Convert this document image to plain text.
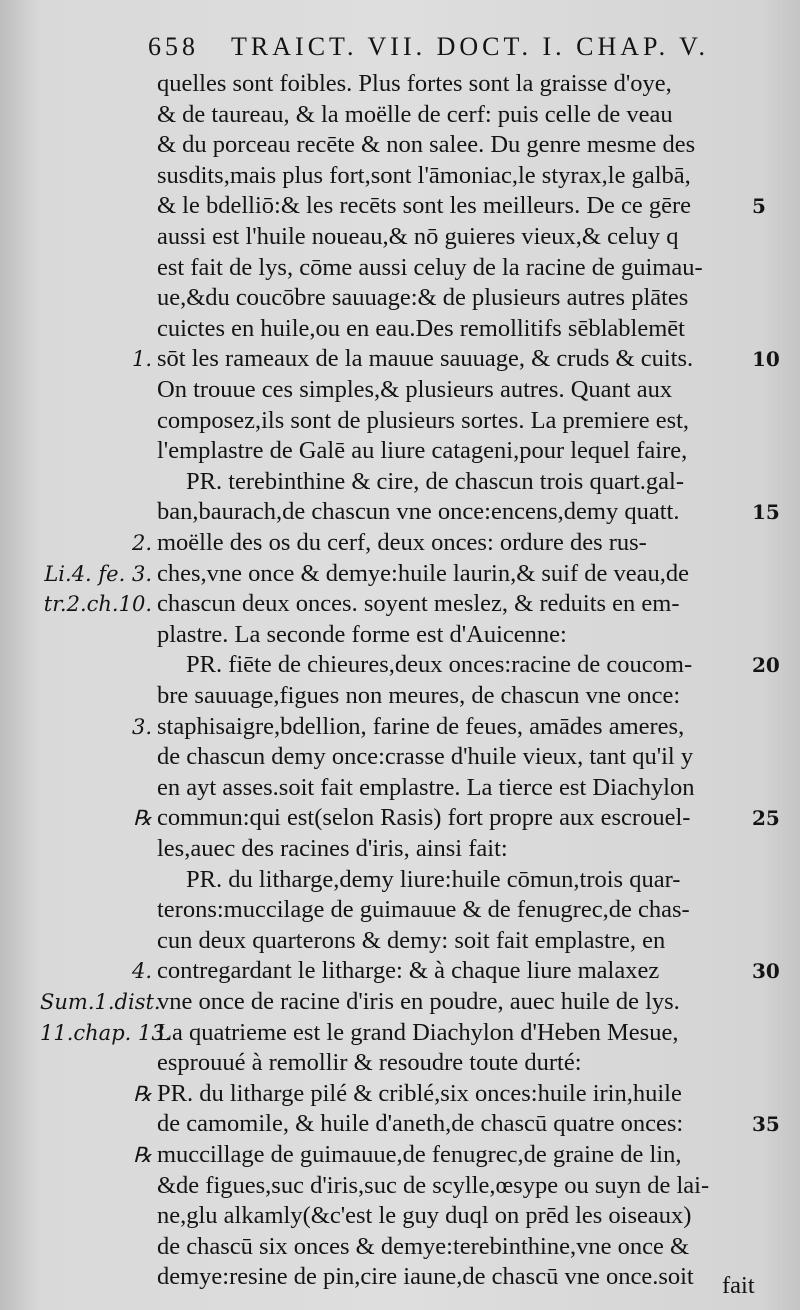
658 TRAICT. VII. DOCT. I. CHAP. V.
quelles sont foibles. Plus fortes sont la graisse d'oye,
& de taureau, & la moëlle de cerf: puis celle de veau
& du porceau recēte & non salee. Du genre mesme des
susdits,mais plus fort,sont l'āmoniac,le styrax,le galbā,
& le bdelliō:& les recēts sont les meilleurs. De ce gēre	5
aussi est l'huile noueau,& nō guieres vieux,& celuy q
est fait de lys, cōme aussi celuy de la racine de guimau-
ue,&du coucōbre sauuage:& de plusieurs autres plātes
cuictes en huile,ou en eau.Des remollitifs sēblablemēt
1. sōt les rameaux de la mauue sauuage, & cruds & cuits.	10
On trouue ces simples,& plusieurs autres. Quant aux
composez,ils sont de plusieurs sortes. La premiere est,
l'emplastre de Galē au liure catageni,pour lequel faire,
PR. terebinthine & cire, de chascun trois quart.gal-
ban,baurach,de chascun vne once:encens,demy quatt.	15
2. moëlle des os du cerf, deux onces: ordure des rus-
Li.4. fe. 3. ches,vne once & demye:huile laurin,& suif de veau,de
tr.2.ch.10. chascun deux onces. soyent meslez, & reduits en em-
plastre. La seconde forme est d'Auicenne:
PR. fiēte de chieures,deux onces:racine de coucom-	20
bre sauuage,figues non meures, de chascun vne once:
3. staphisaigre,bdellion, farine de feues, amādes ameres,
de chascun demy once:crasse d'huile vieux, tant qu'il y
en ayt asses.soit fait emplastre. La tierce est Diachylon
℞ commun:qui est(selon Rasis) fort propre aux escrouel-	25
les,auec des racines d'iris, ainsi fait:
PR. du litharge,demy liure:huile cōmun,trois quar-
terons:muccilage de guimauue & de fenugrec,de chas-
cun deux quarterons & demy: soit fait emplastre, en
4. contregardant le litharge: & à chaque liure malaxez	30
Sum.1.dist.
vne once de racine d'iris en poudre, auec huile de lys.
11.chap. 13.
La quatrieme est le grand Diachylon d'Heben Mesue,
esprouué à remollir & resoudre toute durté:
℞ PR. du litharge pilé & criblé,six onces:huile irin,huile
de camomile, & huile d'aneth,de chascū quatre onces:	35
℞ muccillage de guimauue,de fenugrec,de graine de lin,
&de figues,suc d'iris,suc de scylle,œsype ou suyn de lai-
ne,glu alkamly(&c'est le guy duql on prēd les oiseaux)
de chascū six onces & demye:terebinthine,vne once &
demye:resine de pin,cire iaune,de chascū vne once.soit fait
